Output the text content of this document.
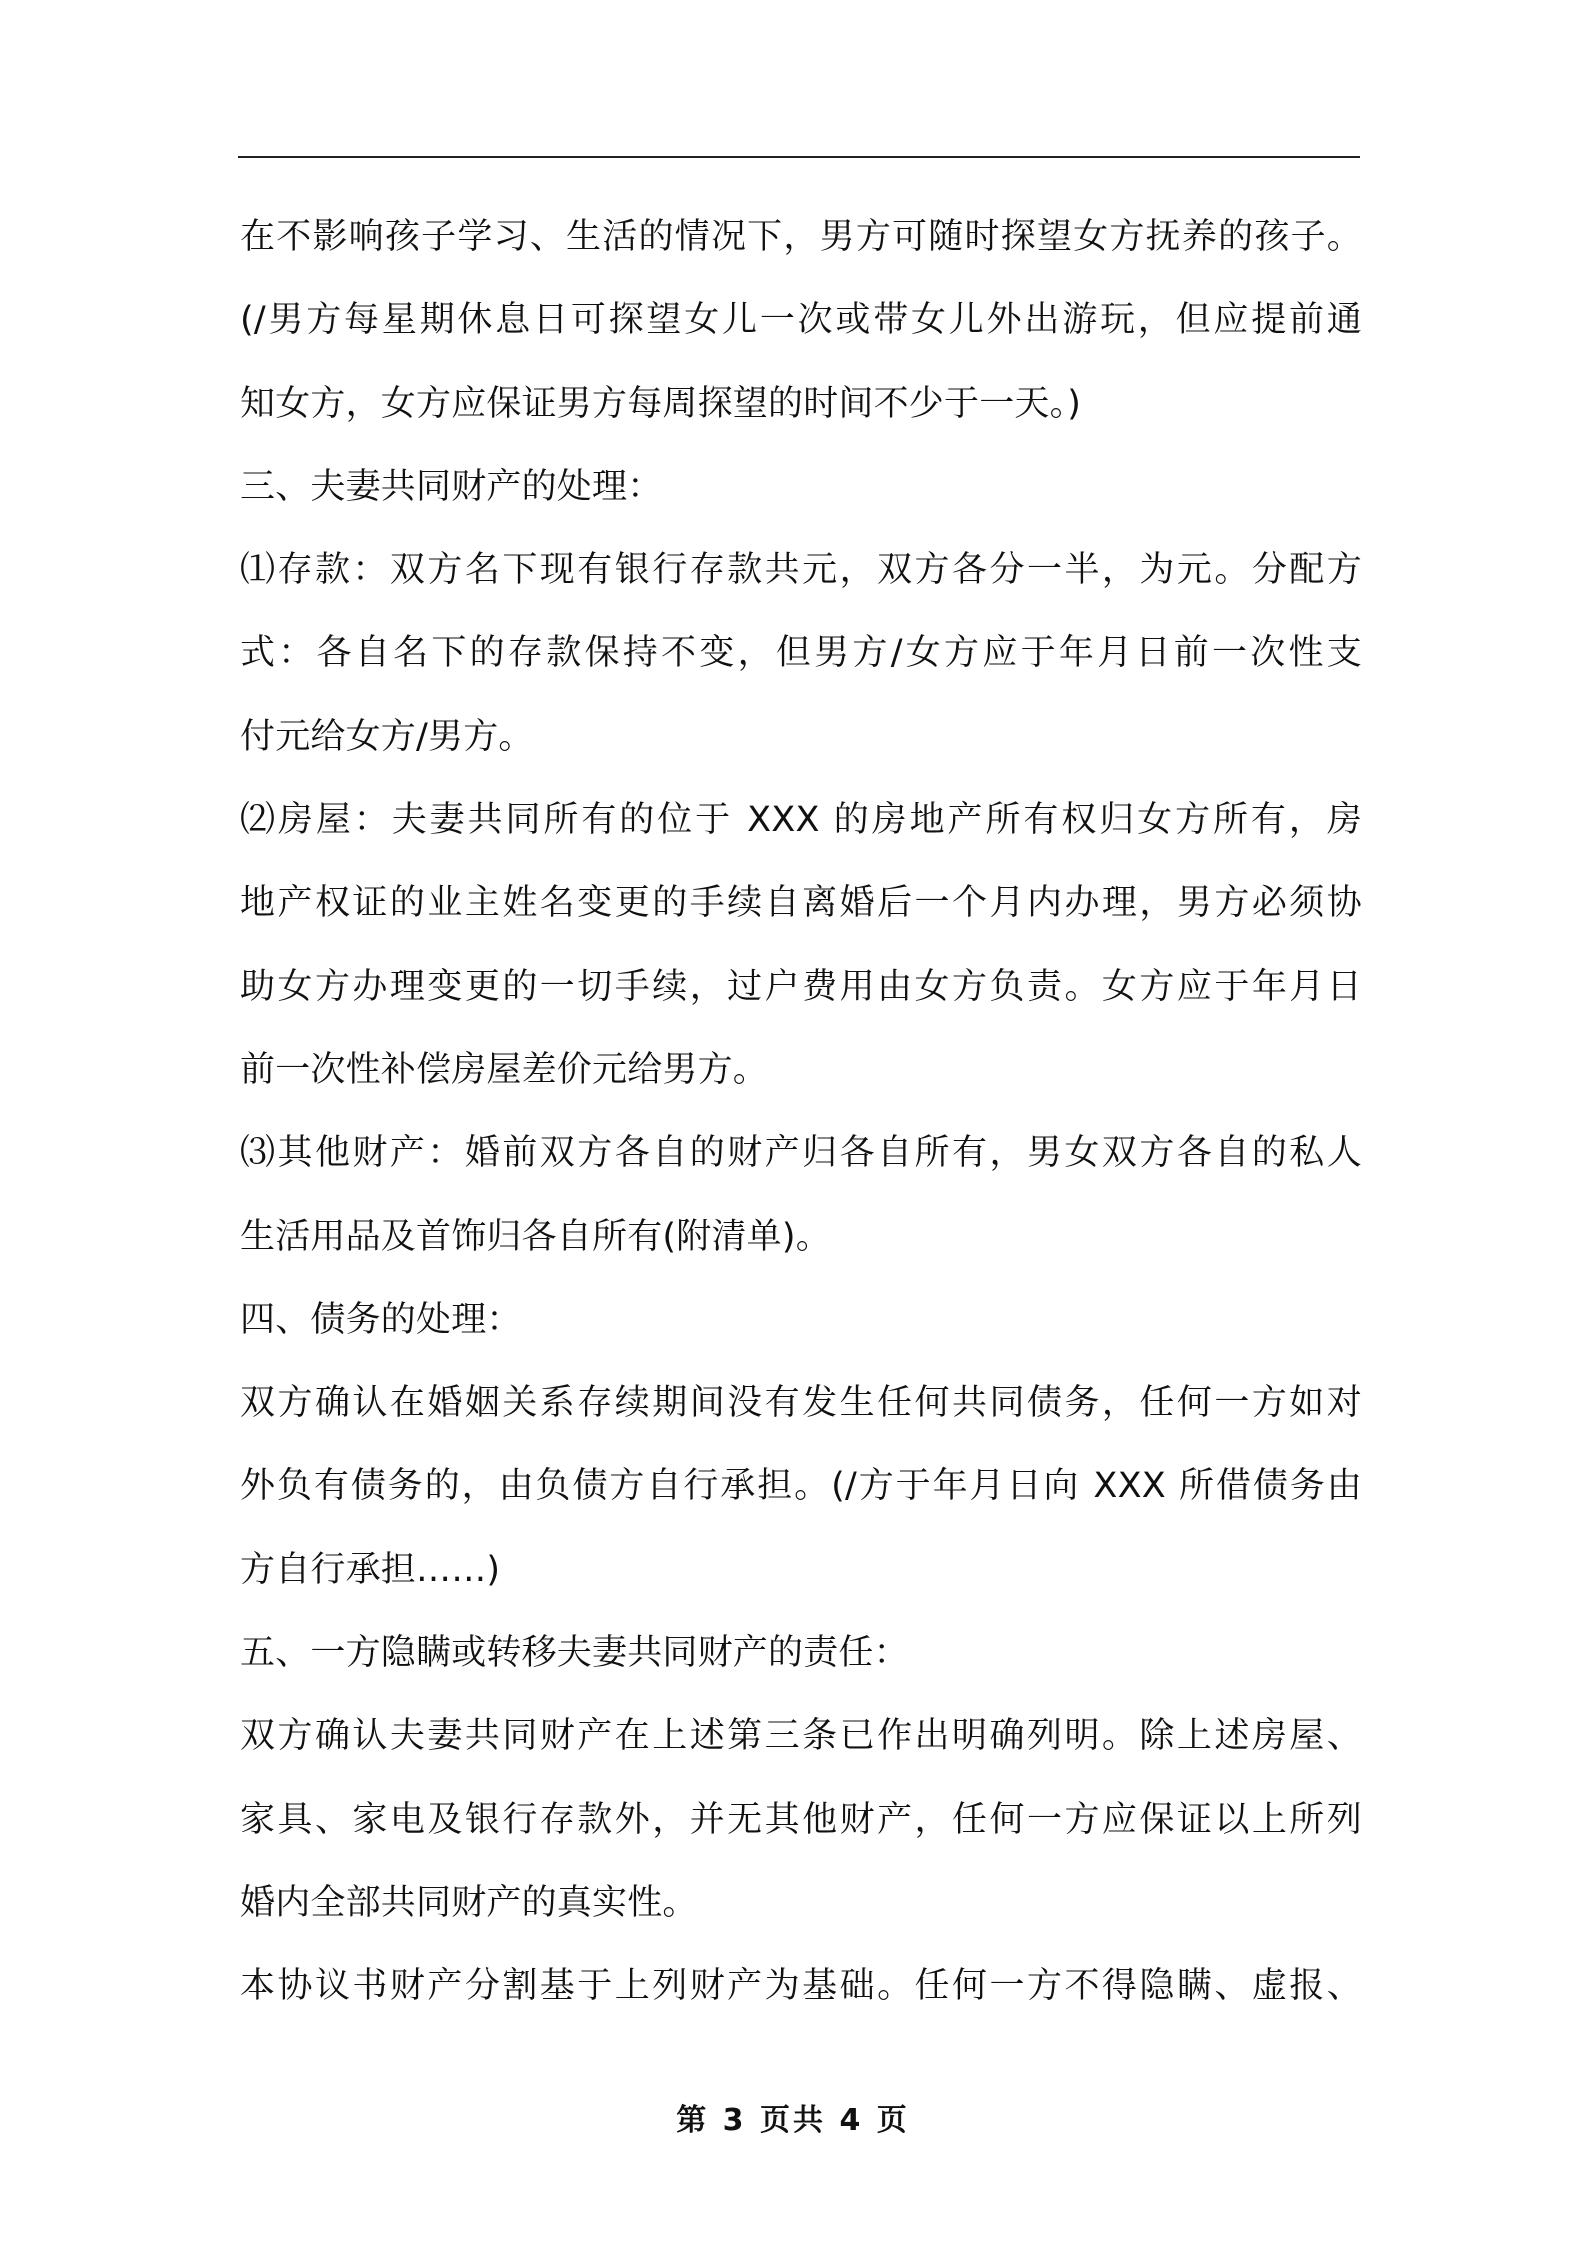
在不影响孩子学习、生活的情况下，男方可随时探望女方抚养的孩子。
(/男方每星期休息日可探望女儿一次或带女儿外出游玩，但应提前通
知女方，女方应保证男方每周探望的时间不少于一天。)
三、夫妻共同财产的处理：
⑴存款：双方名下现有银行存款共元，双方各分一半，为元。分配方
式：各自名下的存款保持不变，但男方/女方应于年月日前一次性支
付元给女方/男方。
⑵房屋：夫妻共同所有的位于 XXX 的房地产所有权归女方所有，房
地产权证的业主姓名变更的手续自离婚后一个月内办理，男方必须协
助女方办理变更的一切手续，过户费用由女方负责。女方应于年月日
前一次性补偿房屋差价元给男方。
⑶其他财产：婚前双方各自的财产归各自所有，男女双方各自的私人
生活用品及首饰归各自所有(附清单)。
四、债务的处理：
双方确认在婚姻关系存续期间没有发生任何共同债务，任何一方如对
外负有债务的，由负债方自行承担。(/方于年月日向 XXX 所借债务由
方自行承担……)
五、一方隐瞒或转移夫妻共同财产的责任：
双方确认夫妻共同财产在上述第三条已作出明确列明。除上述房屋、
家具、家电及银行存款外，并无其他财产，任何一方应保证以上所列
婚内全部共同财产的真实性。
本协议书财产分割基于上列财产为基础。任何一方不得隐瞒、虚报、
第 3 页共 4 页
